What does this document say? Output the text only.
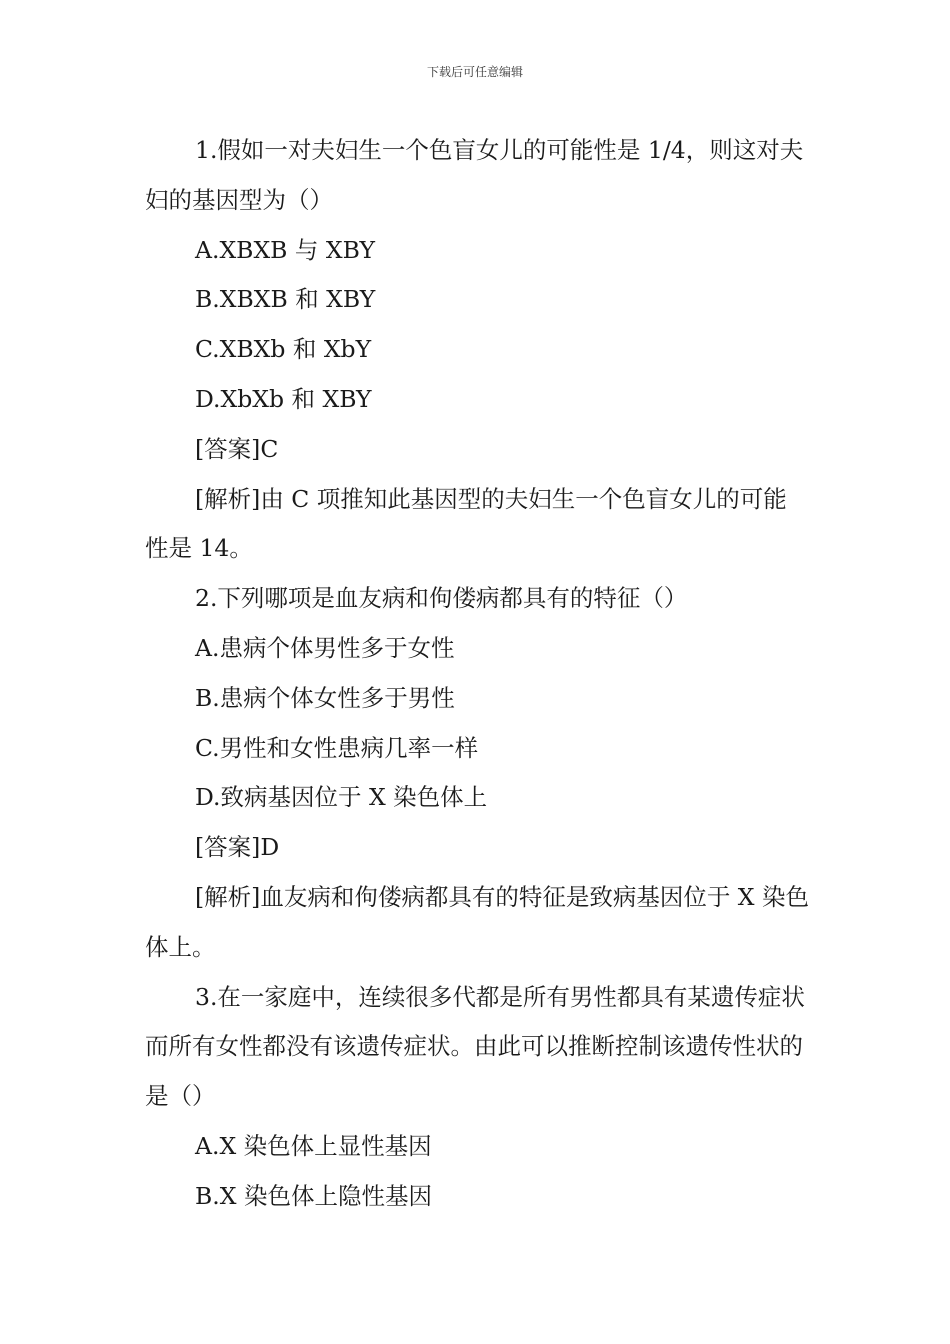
下载后可任意编辑

1.假如一对夫妇生一个色盲女儿的可能性是 1/4，则这对夫妇的基因型为（）

A.XBXB 与 XBY

B.XBXB 和 XBY

C.XBXb 和 XbY

D.XbXb 和 XBY

[答案]C

[解析]由 C 项推知此基因型的夫妇生一个色盲女儿的可能性是 14。

2.下列哪项是血友病和佝偻病都具有的特征（）

A.患病个体男性多于女性

B.患病个体女性多于男性

C.男性和女性患病几率一样

D.致病基因位于 X 染色体上

[答案]D

[解析]血友病和佝偻病都具有的特征是致病基因位于 X 染色体上。

3.在一家庭中，连续很多代都是所有男性都具有某遗传症状而所有女性都没有该遗传症状。由此可以推断控制该遗传性状的是（）

A.X 染色体上显性基因

B.X 染色体上隐性基因
